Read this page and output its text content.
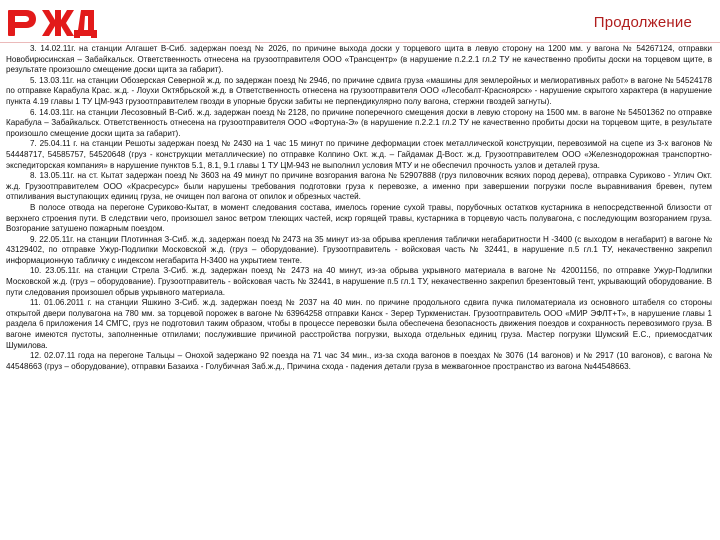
Продолжение

3. 14.02.11г. на станции Алгашет В-Сиб. задержан поезд № 2026, по причине выхода доски у торцевого щита в левую сторону на 1200 мм. у вагона № 54267124, отправки Новобирюсинская – Забайкальск. Ответственность отнесена на грузоотправителя ООО «Трансцентр» (в нарушение п.2.2.1 гл.2 ТУ не качественно пробиты доски на торцевом щите, в результате произошло смещение доски щита за габарит).

5. 13.03.11г. на станции Обозерская Северной ж.д. по задержан поезд № 2946, по причине сдвига груза «машины для землеройных и мелиоративных работ» в вагоне № 54524178 по отправке Карабула Крас. ж.д. - Лоухи Октябрьской ж.д. в Ответственность отнесена на грузоотправителя ООО «Лесобалт-Красноярск» - нарушение скрытого характера (в нарушение пункта 4.19 главы 1 ТУ ЦМ-943 грузоотправителем гвозди в упорные бруски забиты не перпендикулярно полу вагона, стержни гвоздей загнуты).

6. 14.03.11г. на станции Лесозовный В-Сиб. ж.д. задержан поезд № 2128, по причине поперечного смещения доски в левую сторону на 1500 мм. в вагоне № 54501362 по отправке Карабула – Забайкальск. Ответственность отнесена на грузоотправителя ООО «Фортуна-Э» (в нарушение п.2.2.1 гл.2 ТУ не качественно пробиты доски на торцевом щите, в результате произошло смещение доски щита за габарит).

7. 25.04.11 г. на станции Решоты задержан поезд № 2430 на 1 час 15 минут по причине деформации стоек металлической конструкции, перевозимой на сцепе из 3-х вагонов № 54448717, 54585757, 54520648 (груз - конструкции металлические) по отправке Колпино Окт. ж.д. – Гайдамак Д-Вост. ж.д. Грузоотправителем ООО «Железнодорожная транспортно-экспедиторская компания» в нарушение пунктов 5.1, 8.1, 9.1 главы 1 ТУ ЦМ-943 не выполнил условия МТУ и не обеспечил прочность узлов и деталей груза.

8. 13.05.11г. на ст. Кытат задержан поезд № 3603 на 49 минут по причине возгорания вагона № 52907888 (груз пиловочник всяких пород дерева), отправка Суриково - Углич Окт. ж.д. Грузоотправителем ООО «Красресурс» были нарушены требования подготовки груза к перевозке, а именно при завершении погрузки после выравнивания бревен, путем отпиливания выступающих единиц груза, не очищен пол вагона от опилок и обрезных частей.

В полосе отвода на перегоне Суриково-Кытат, в момент следования состава, имелось горение сухой травы, порубочных остатков кустарника в непосредственной близости от верхнего строения пути. В следствии чего, произошел занос ветром тлеющих частей, искр горящей травы, кустарника в торцевую часть полувагона, с последующим возгоранием груза. Возгорание затушено пожарным поездом.

9. 22.05.11г. на станции Плотинная З-Сиб. ж.д. задержан поезд № 2473 на 35 минут из-за обрыва крепления таблички негабаритности Н -3400 (с выходом в негабарит) в вагоне № 43129402, по отправке Ужур-Подлипки Московской ж.д. (груз – оборудование). Грузоотправитель - войсковая часть № 32441, в нарушение п.5 гл.1 ТУ, некачественно закрепил информационную табличку с индексом негабарита Н-3400 на укрытием тенте.

10. 23.05.11г. на станции Стрела З-Сиб. ж.д. задержан поезд № 2473 на 40 минут, из-за обрыва укрывного материала в вагоне № 42001156, по отправке Ужур-Подлипки Московской ж.д. (груз – оборудование). Грузоотправитель - войсковая часть № 32441, в нарушение п.5 гл.1 ТУ, некачественно закрепил брезентовый тент, укрывающий оборудование. В пути следования произошел обрыв укрывного материала.

11. 01.06.2011 г. на станции Яшкино З-Сиб. ж.д. задержан поезд № 2037 на 40 мин. по причине продольного сдвига пучка пиломатериала из основного штабеля со стороны открытой двери полувагона на 780 мм. за торцевой порожек в вагоне № 63964258 отправки Канск - Зерер Туркменистан. Грузоотправитель ООО «МИР ЭФЛТ+Т», в нарушение главы 1 раздела 6 приложения 14 СМГС, груз не подготовил таким образом, чтобы в процессе перевозки была обеспечена безопасность движения поездов и сохранность перевозимого груза. В вагоне имеются пустоты, заполненные отпилами; послужившие причиной расстройства погрузки, выхода отдельных единиц груза. Мастер погрузки Шумский Е.С., приемосдатчик Шумилова.

12. 02.07.11 года на перегоне Тальцы – Онохой задержано 92 поезда на 71 час 34 мин., из-за схода вагонов в поездах № 3076 (14 вагонов) и № 2917 (10 вагонов), с вагона № 44548663 (груз – оборудование), отправки Базаиха - Голубичная Заб.ж.д., Причина схода - падения детали груза в межвагонное пространство из вагона №44548663.
